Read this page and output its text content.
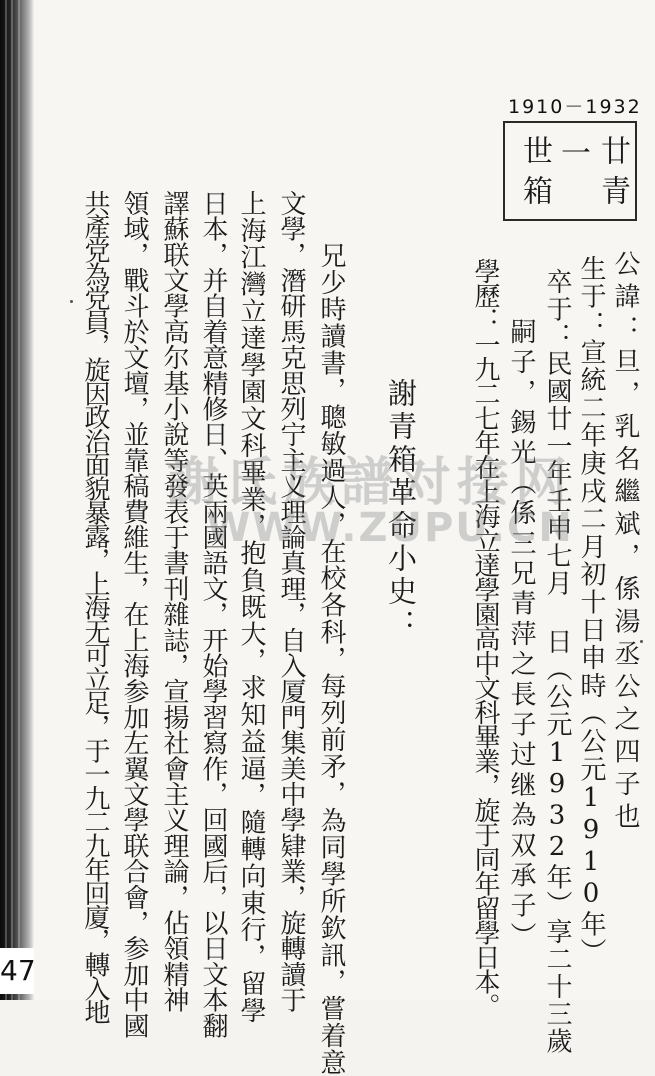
47
1910－1932
廿青
一
世箱
公諱：旦，乳名繼斌，係湯丞公之四子也
生于：宣統二年庚戌二月初十日申時（公元1910年）
卒于：民國廿一年壬申七月 日（公元1932年）享二十三歲
嗣子，錫光（係三兄青萍之長子过继為双承子）
學歷：一九二七年在上海立達學園高中文科畢業，旋于同年留學日本。
謝青箱革命小史：
兄少時讀書，聰敏過人，在校各科，每列前矛，為同學所欽訊，嘗着意
文學，潛研馬克思列宁主义理論真理，自入厦門集美中學肄業，旋轉讀于
上海江灣立達學園文科畢業，抱負既大，求知益逼，隨轉向東行，留學
日本，并自着意精修日、英兩國語文，开始學習寫作，回國后，以日文本翻
譯蘇联文學高尔基小說等發表于書刊雜誌，宣揚社會主义理論，佔領精神
領域，戰斗於文壇，並靠稿費維生，在上海参加左翼文學联合會，参加中國
共產党為党員，旋因政治面貌暴露，上海无可立足，于一九二九年回廈，轉入地	謝氏族譜对接网
WWW.ZUPU.CN
